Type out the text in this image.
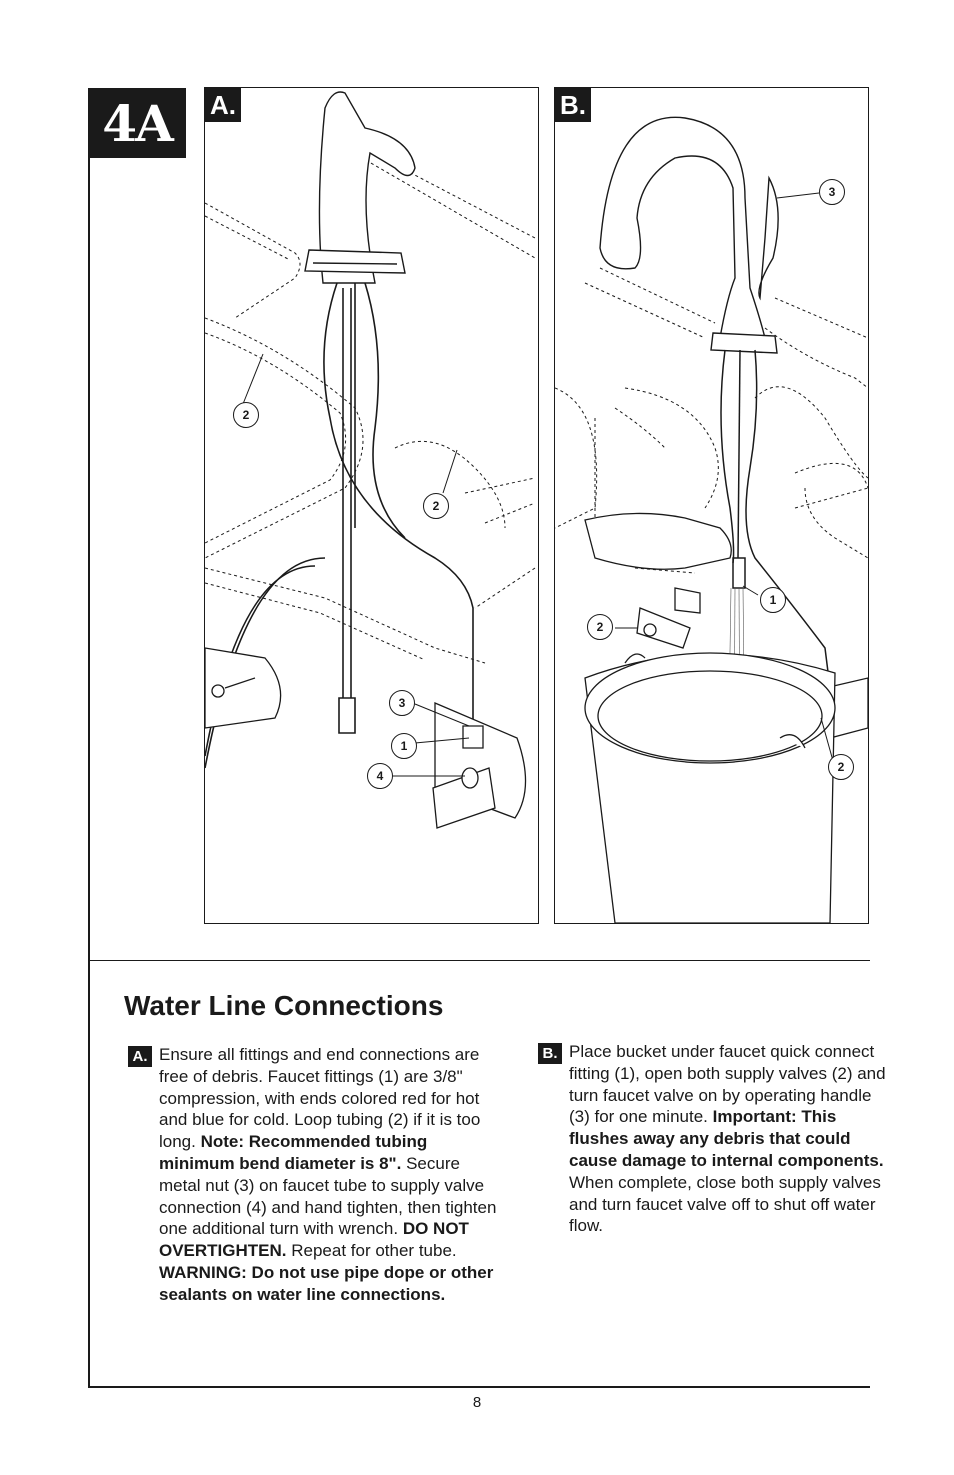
4A	A.
2
2
3
1
4
B.
3
1
2
2
Water Line Connections
A. Ensure all fittings and end connections are free of debris. Faucet fittings (1) are 3/8" compression, with ends colored red for hot and blue for cold. Loop tubing (2) if it is too long. Note: Recommended tubing minimum bend diameter is 8". Secure metal nut (3) on faucet tube to supply valve connection (4) and hand tighten, then tighten one additional turn with wrench. DO NOT OVERTIGHTEN. Repeat for other tube. WARNING: Do not use pipe dope or other sealants on water line connections.

B. Place bucket under faucet quick connect fitting (1), open both supply valves (2) and turn faucet valve on by operating handle (3) for one minute. Important: This flushes away any debris that could cause damage to internal components. When complete, close both supply valves and turn faucet valve off to shut off water flow.

8
